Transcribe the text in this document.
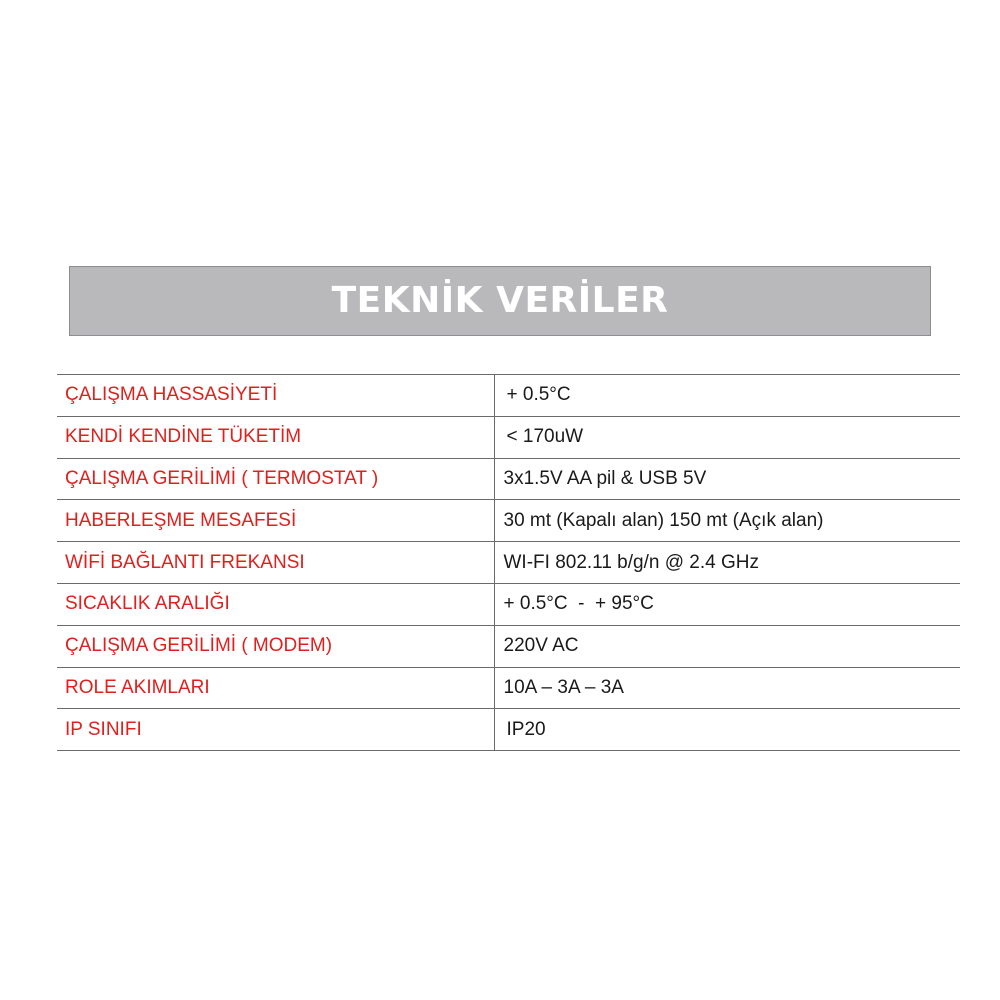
TEKNİK VERİLER
ÇALIŞMA HASSASİYETİ	+ 0.5°C
KENDİ KENDİNE TÜKETİM	< 170uW
ÇALIŞMA GERİLİMİ ( TERMOSTAT )	3x1.5V AA pil & USB 5V
HABERLEŞME MESAFESİ	30 mt (Kapalı alan) 150 mt (Açık alan)
WİFİ BAĞLANTI FREKANSI	WI-FI 802.11 b/g/n @ 2.4 GHz
SICAKLIK ARALIĞI	+ 0.5°C  -  + 95°C
ÇALIŞMA GERİLİMİ ( MODEM)	220V AC
ROLE AKIMLARI	10A – 3A – 3A
IP SINIFI	IP20
